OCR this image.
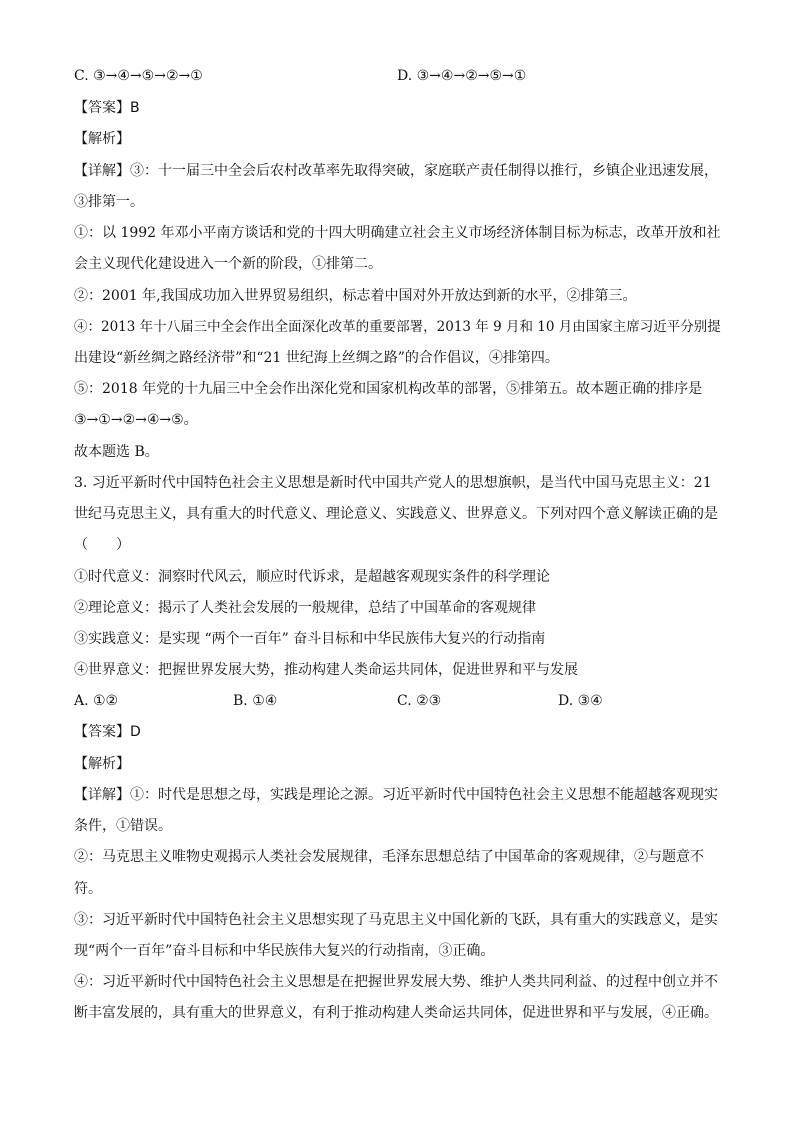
C. ③→④→⑤→②→①	D. ③→④→②→⑤→①
【答案】B
【解析】
【详解】③：十一届三中全会后农村改革率先取得突破，家庭联产责任制得以推行，乡镇企业迅速发展，
③排第一。
①：以 1992 年邓小平南方谈话和党的十四大明确建立社会主义市场经济体制目标为标志，改革开放和社
会主义现代化建设进入一个新的阶段，①排第二。
②：2001 年,我国成功加入世界贸易组织，标志着中国对外开放达到新的水平，②排第三。
④：2013 年十八届三中全会作出全面深化改革的重要部署，2013 年 9 月和 10 月由国家主席习近平分别提
出建设“新丝绸之路经济带”和“21 世纪海上丝绸之路”的合作倡议，④排第四。
⑤：2018 年党的十九届三中全会作出深化党和国家机构改革的部署，⑤排第五。故本题正确的排序是
③→①→②→④→⑤。
故本题选 B。
3. 习近平新时代中国特色社会主义思想是新时代中国共产党人的思想旗帜，是当代中国马克思主义：21
世纪马克思主义，具有重大的时代意义、理论意义、实践意义、世界意义。下列对四个意义解读正确的是
（　　）
①时代意义：洞察时代风云，顺应时代诉求，是超越客观现实条件的科学理论
②理论意义：揭示了人类社会发展的一般规律，总结了中国革命的客观规律
③实践意义：是实现 “两个一百年” 奋斗目标和中华民族伟大复兴的行动指南
④世界意义：把握世界发展大势，推动构建人类命运共同体，促进世界和平与发展
A. ①②	B. ①④	C. ②③	D. ③④
【答案】D
【解析】
【详解】①：时代是思想之母，实践是理论之源。习近平新时代中国特色社会主义思想不能超越客观现实
条件，①错误。
②：马克思主义唯物史观揭示人类社会发展规律，毛泽东思想总结了中国革命的客观规律，②与题意不
符。
③：习近平新时代中国特色社会主义思想实现了马克思主义中国化新的飞跃，具有重大的实践意义，是实
现“两个一百年”奋斗目标和中华民族伟大复兴的行动指南，③正确。
④：习近平新时代中国特色社会主义思想是在把握世界发展大势、维护人类共同利益、的过程中创立并不
断丰富发展的，具有重大的世界意义，有利于推动构建人类命运共同体，促进世界和平与发展，④正确。
